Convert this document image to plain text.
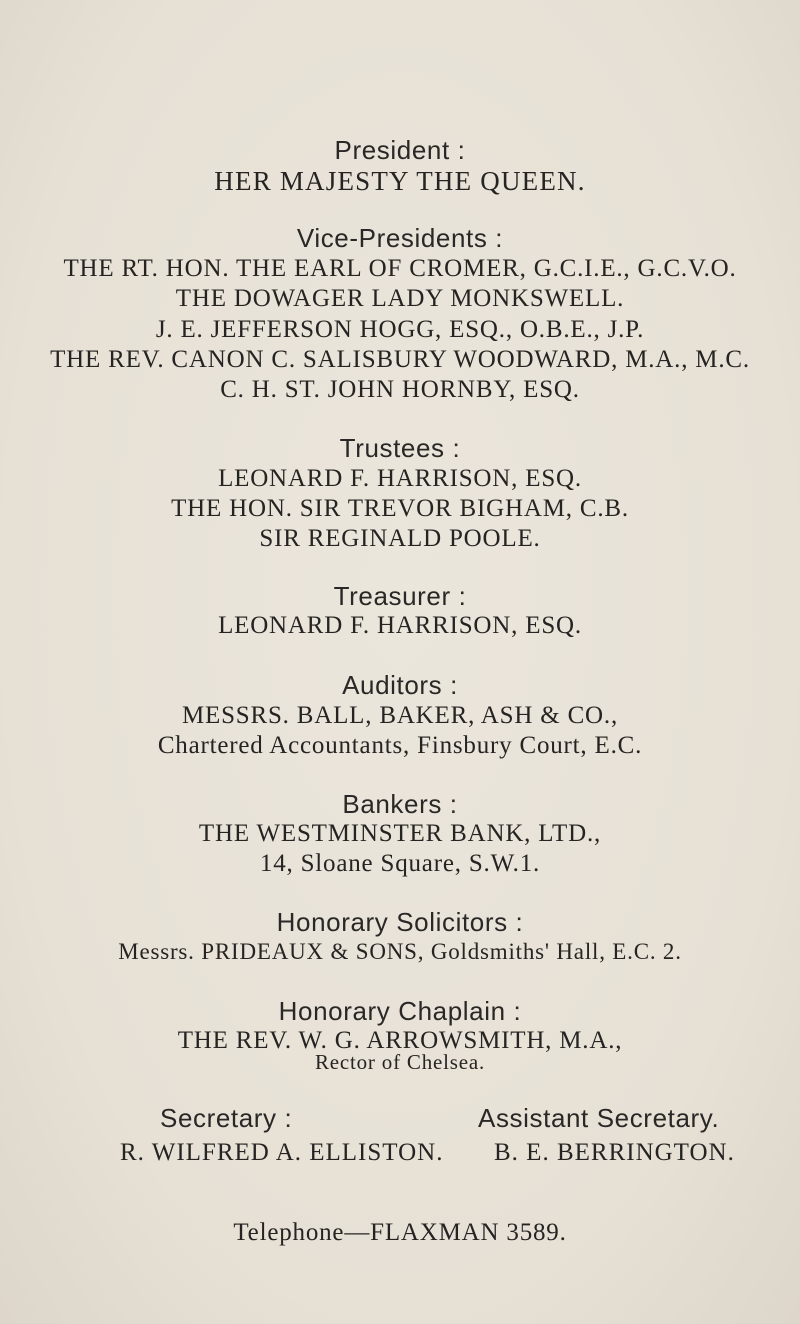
President :
HER MAJESTY THE QUEEN.
Vice-Presidents :
THE RT. HON. THE EARL OF CROMER, G.C.I.E., G.C.V.O.
THE DOWAGER LADY MONKSWELL.
J. E. JEFFERSON HOGG, ESQ., O.B.E., J.P.
THE REV. CANON C. SALISBURY WOODWARD, M.A., M.C.
C. H. ST. JOHN HORNBY, ESQ.
Trustees :
LEONARD F. HARRISON, ESQ.
THE HON. SIR TREVOR BIGHAM, C.B.
SIR REGINALD POOLE.
Treasurer :
LEONARD F. HARRISON, ESQ.
Auditors :
MESSRS. BALL, BAKER, ASH & CO.,
Chartered Accountants, Finsbury Court, E.C.
Bankers :
THE WESTMINSTER BANK, LTD.,
14, Sloane Square, S.W.1.
Honorary Solicitors :
Messrs. PRIDEAUX & SONS, Goldsmiths' Hall, E.C. 2.
Honorary Chaplain :
THE REV. W. G. ARROWSMITH, M.A.,
Rector of Chelsea.
Secretary :
R. WILFRED A. ELLISTON.
Assistant Secretary.
B. E. BERRINGTON.
Telephone—FLAXMAN 3589.
